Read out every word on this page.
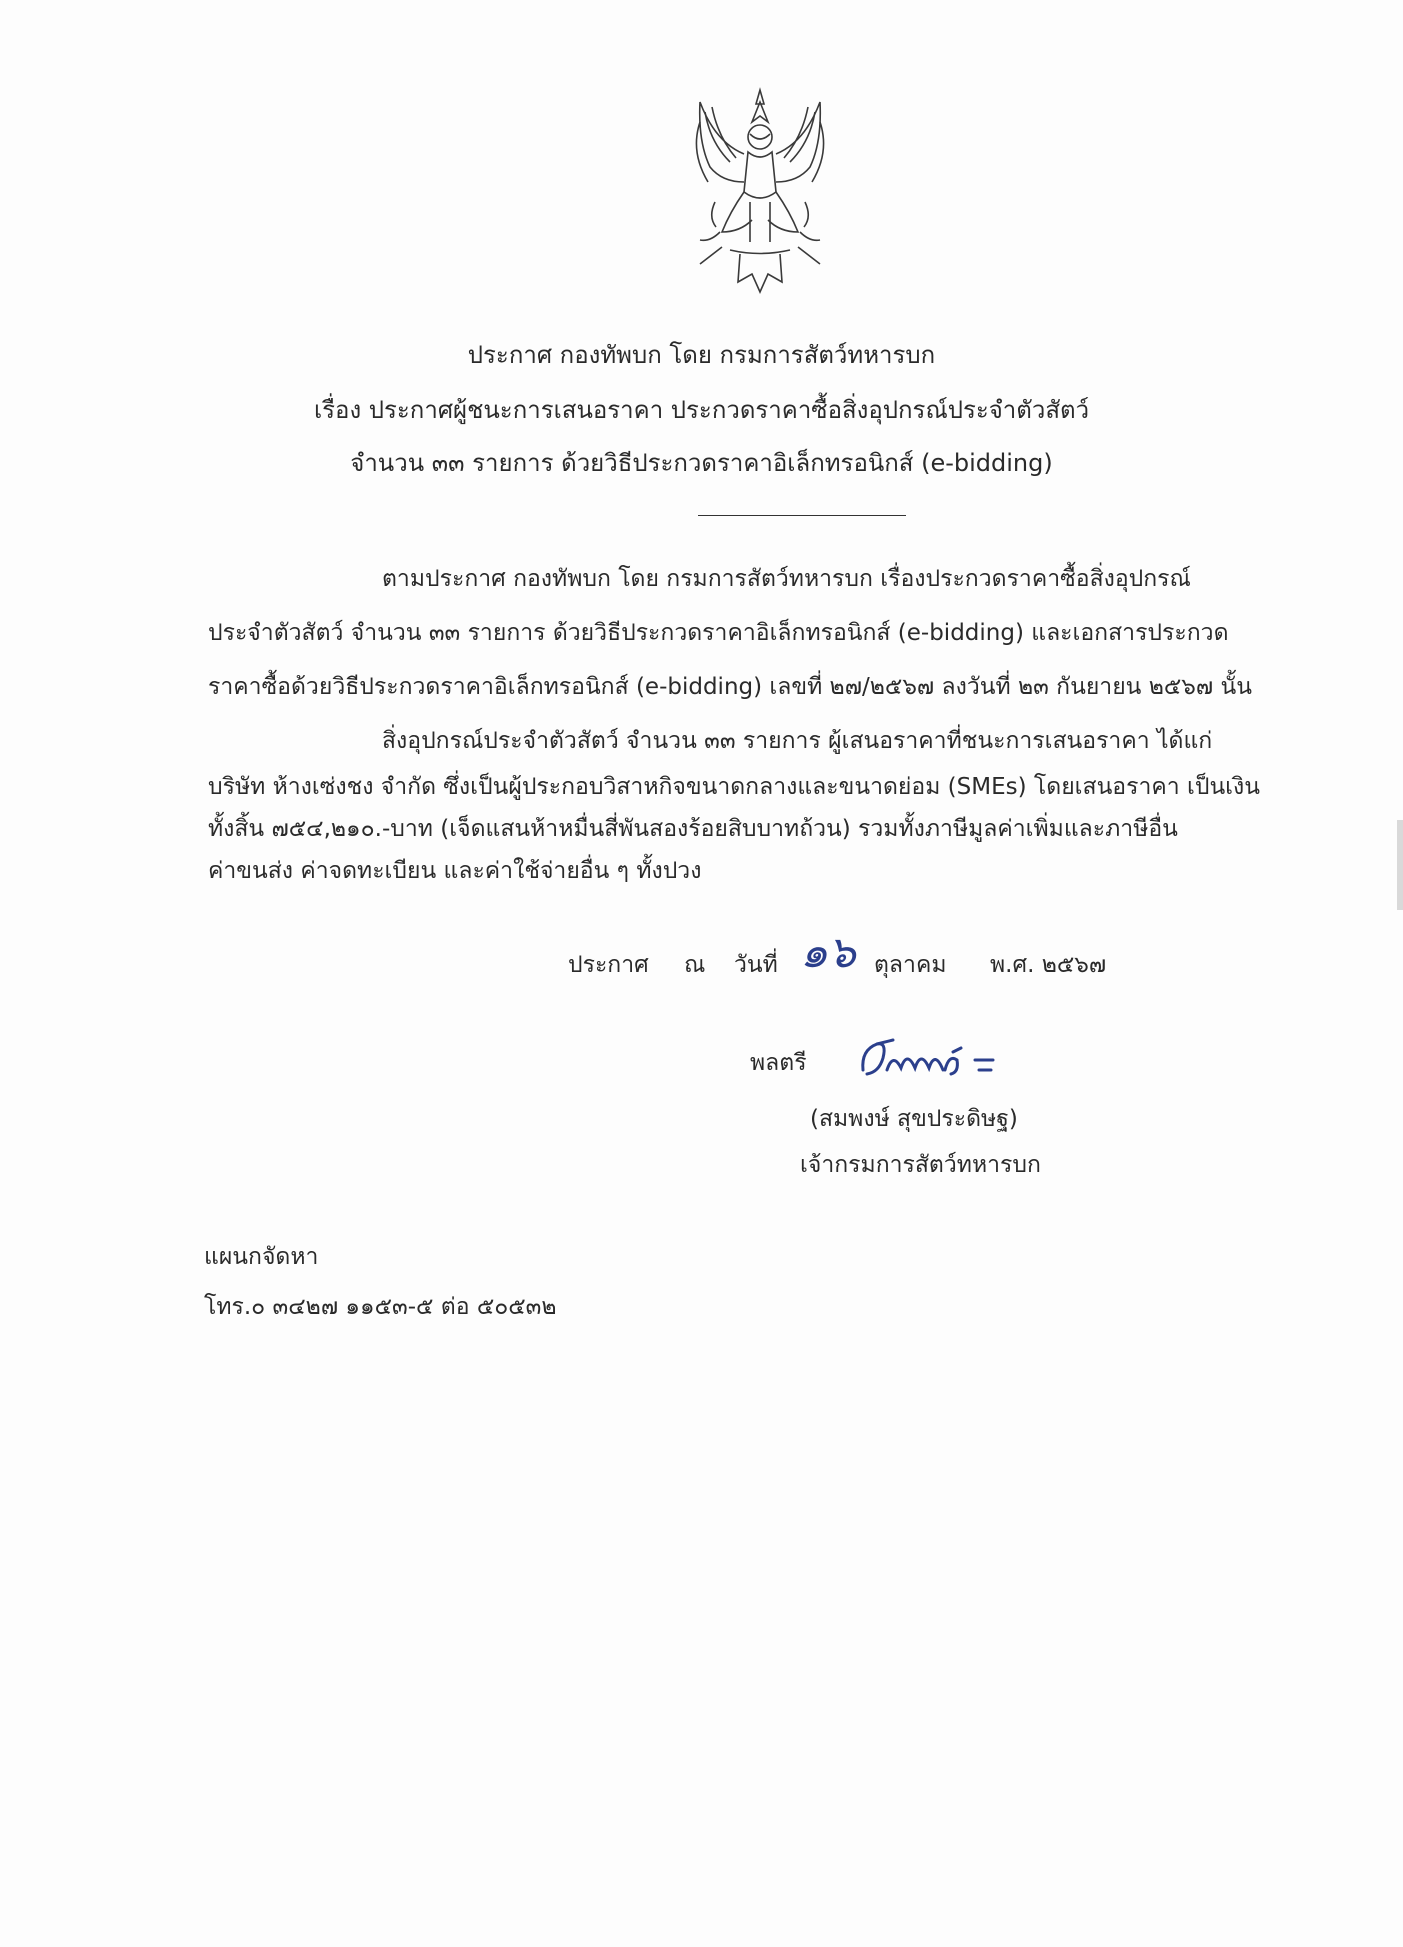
ประกาศ กองทัพบก โดย กรมการสัตว์ทหารบก
เรื่อง ประกาศผู้ชนะการเสนอราคา ประกวดราคาซื้อสิ่งอุปกรณ์ประจำตัวสัตว์
จำนวน ๓๓ รายการ ด้วยวิธีประกวดราคาอิเล็กทรอนิกส์ (e-bidding)
ตามประกาศ กองทัพบก โดย กรมการสัตว์ทหารบก เรื่องประกวดราคาซื้อสิ่งอุปกรณ์
ประจำตัวสัตว์ จำนวน ๓๓ รายการ ด้วยวิธีประกวดราคาอิเล็กทรอนิกส์ (e-bidding) และเอกสารประกวด
ราคาซื้อด้วยวิธีประกวดราคาอิเล็กทรอนิกส์ (e-bidding) เลขที่ ๒๗/๒๕๖๗ ลงวันที่ ๒๓ กันยายน ๒๕๖๗ นั้น
สิ่งอุปกรณ์ประจำตัวสัตว์ จำนวน ๓๓ รายการ ผู้เสนอราคาที่ชนะการเสนอราคา ได้แก่
บริษัท ห้างเซ่งชง จำกัด ซึ่งเป็นผู้ประกอบวิสาหกิจขนาดกลางและขนาดย่อม (SMEs) โดยเสนอราคา เป็นเงิน
ทั้งสิ้น ๗๕๔,๒๑๐.-บาท (เจ็ดแสนห้าหมื่นสี่พันสองร้อยสิบบาทถ้วน) รวมทั้งภาษีมูลค่าเพิ่มและภาษีอื่น
ค่าขนส่ง ค่าจดทะเบียน และค่าใช้จ่ายอื่น ๆ ทั้งปวง
ประกาศ ณ วันที่ ๑๖ ตุลาคม พ.ศ. ๒๕๖๗
พลตรี
(สมพงษ์ สุขประดิษฐ)
เจ้ากรมการสัตว์ทหารบก
แผนกจัดหา
โทร.๐ ๓๔๒๗ ๑๑๕๓-๕ ต่อ ๕๐๕๓๒
